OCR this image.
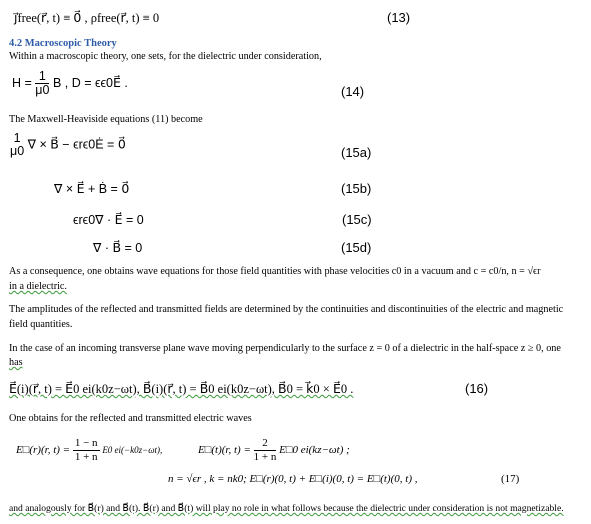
j⃗free(r⃗, t) ≡ 0⃗ , ρfree(r⃗, t) ≡ 0	(13)
4.2 Macroscopic Theory
Within a macroscopic theory, one sets, for the dielectric under consideration,
$H = \frac{1}{\mu 0}$ B , D = ϵϵ0E⃗ .
(14)
The Maxwell-Heaviside equations (11) become
1
μ0 ∇ × B⃗ − ϵrϵ0Ė = 0⃗
(15a)
∇ × E⃗ + Ḃ = 0⃗	(15b)
ϵrϵ0∇ · E⃗ = 0	(15c)
∇ · B⃗ = 0	(15d)
As a consequence, one obtains wave equations for those field quantities with phase velocities c0 in a vacuum and c = c0/n, n = √ϵr
in a dielectric.
The amplitudes of the reflected and transmitted fields are determined by the continuities and discontinuities of the electric and magnetic
field quantities.
In the case of an incoming transverse plane wave moving perpendicularly to the surface z = 0 of a dielectric in the half-space z ≥ 0, one
has
E⃗(i)(r⃗, t) = E⃗0 ei(k0z−ωt), B⃗(i)(r⃗, t) = B⃗0 ei(k0z−ωt), B⃗0 = k⃗0 × E⃗0 .	(16)
One obtains for the reflected and transmitted electric waves
E□(r)(r, $t) = \frac{1 - n}{1 + n} E0$ ei(−k0z−ωt),	E□(t)(r, $t) = \frac{2}{1 + n}$ E□0 ei(kz−ωt) ;
n = √ϵr , k = nk0; E□(r)(0, t) + E□(i)(0, t) = E□(t)(0, t) ,	(17)
and analogously for B⃗(r) and B⃗(t). B⃗(r) and B⃗(t) will play no role in what follows because the dielectric under consideration is not magnetizable.
